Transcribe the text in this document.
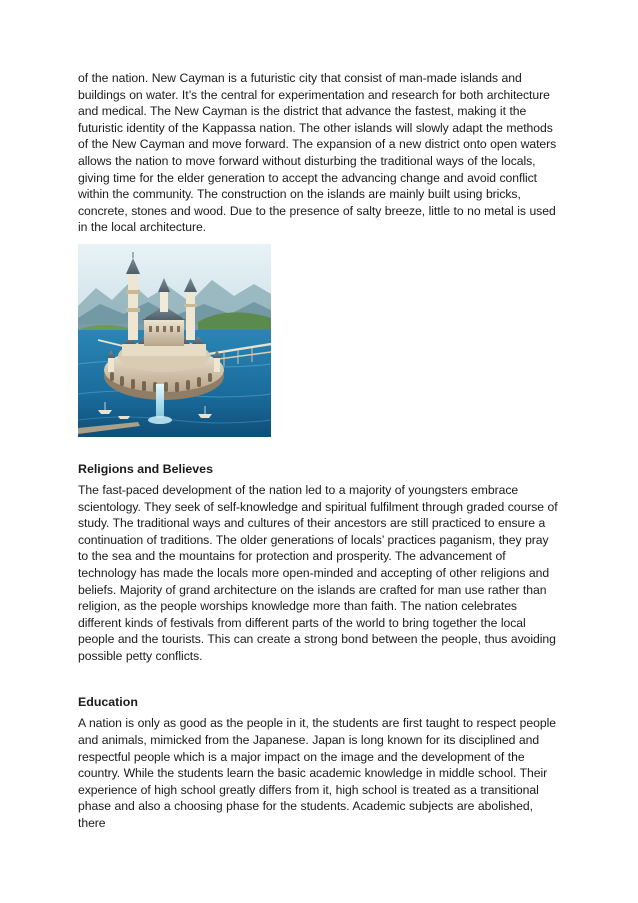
of the nation. New Cayman is a futuristic city that consist of man-made islands and buildings on water. It’s the central for experimentation and research for both architecture and medical. The New Cayman is the district that advance the fastest, making it the futuristic identity of the Kappassa nation. The other islands will slowly adapt the methods of the New Cayman and move forward. The expansion of a new district onto open waters allows the nation to move forward without disturbing the traditional ways of the locals, giving time for the elder generation to accept the advancing change and avoid conflict within the community. The construction on the islands are mainly built using bricks, concrete, stones and wood. Due to the presence of salty breeze, little to no metal is used in the local architecture.

Religions and Believes

The fast-paced development of the nation led to a majority of youngsters embrace scientology. They seek of self-knowledge and spiritual fulfilment through graded course of study. The traditional ways and cultures of their ancestors are still practiced to ensure a continuation of traditions. The older generations of locals’ practices paganism, they pray to the sea and the mountains for protection and prosperity. The advancement of technology has made the locals more open-minded and accepting of other religions and beliefs. Majority of grand architecture on the islands are crafted for man use rather than religion, as the people worships knowledge more than faith. The nation celebrates different kinds of festivals from different parts of the world to bring together the local people and the tourists. This can create a strong bond between the people, thus avoiding possible petty conflicts.

Education

A nation is only as good as the people in it, the students are first taught to respect people and animals, mimicked from the Japanese. Japan is long known for its disciplined and respectful people which is a major impact on the image and the development of the country. While the students learn the basic academic knowledge in middle school. Their experience of high school greatly differs from it, high school is treated as a transitional phase and also a choosing phase for the students. Academic subjects are abolished, there
